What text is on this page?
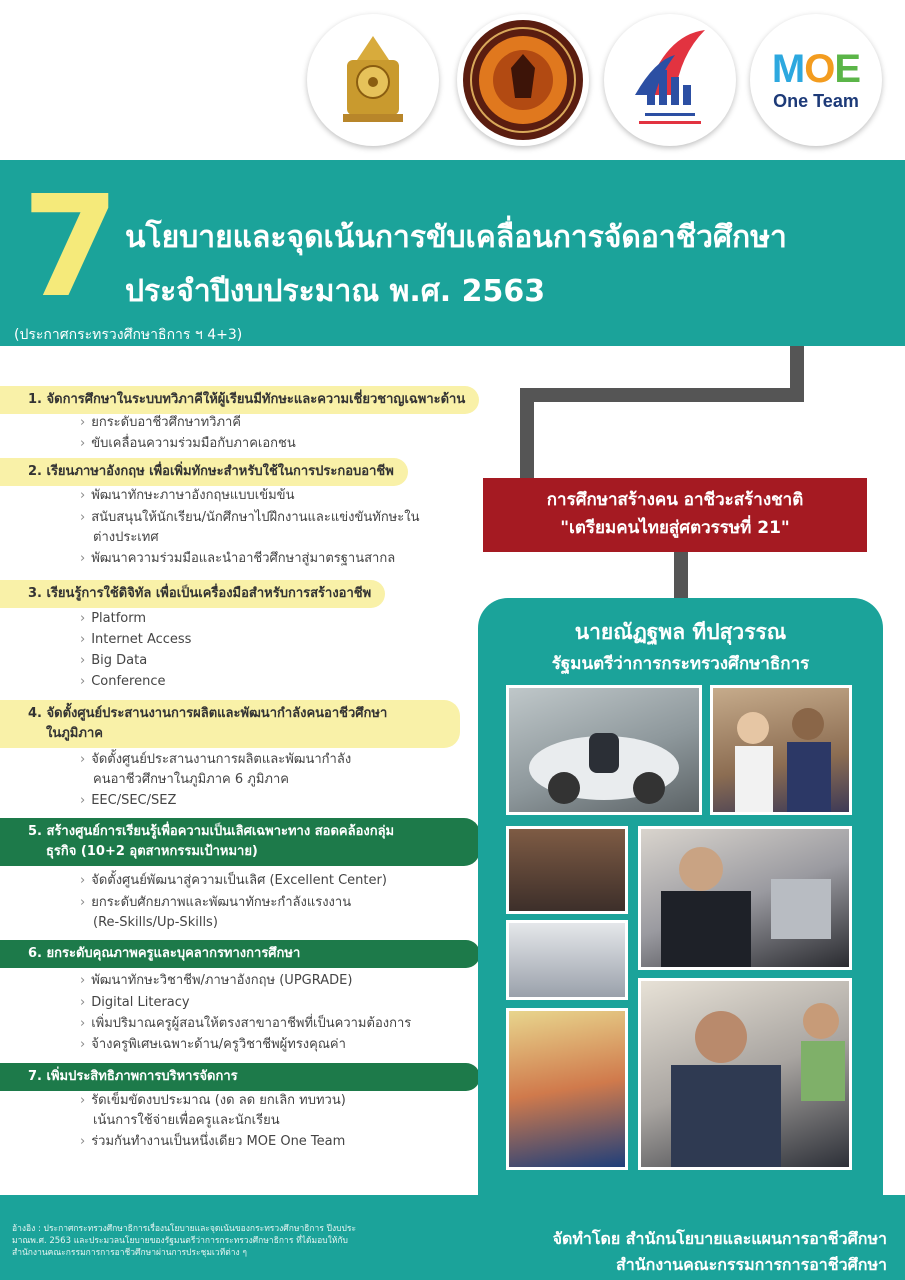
MOE
One Team
7 นโยบายและจุดเน้นการขับเคลื่อนการจัดอาชีวศึกษา
ประจำปีงบประมาณ พ.ศ. 2563
(ประกาศกระทรวงศึกษาธิการ ฯ 4+3)
1. จัดการศึกษาในระบบทวิภาคีให้ผู้เรียนมีทักษะและความเชี่ยวชาญเฉพาะด้าน
› ยกระดับอาชีวศึกษาทวิภาคี
› ขับเคลื่อนความร่วมมือกับภาคเอกชน
2. เรียนภาษาอังกฤษ เพื่อเพิ่มทักษะสำหรับใช้ในการประกอบอาชีพ
› พัฒนาทักษะภาษาอังกฤษแบบเข้มข้น
› สนับสนุนให้นักเรียน/นักศึกษาไปฝึกงานและแข่งขันทักษะใน
ต่างประเทศ
› พัฒนาความร่วมมือและนำอาชีวศึกษาสู่มาตรฐานสากล
3. เรียนรู้การใช้ดิจิทัล เพื่อเป็นเครื่องมือสำหรับการสร้างอาชีพ
› Platform
› Internet Access
› Big Data
› Conference
4. จัดตั้งศูนย์ประสานงานการผลิตและพัฒนากำลังคนอาชีวศึกษา
ในภูมิภาค
› จัดตั้งศูนย์ประสานงานการผลิตและพัฒนากำลัง
คนอาชีวศึกษาในภูมิภาค 6 ภูมิภาค
› EEC/SEC/SEZ
5. สร้างศูนย์การเรียนรู้เพื่อความเป็นเลิศเฉพาะทาง สอดคล้องกลุ่ม
ธุรกิจ (10+2 อุตสาหกรรมเป้าหมาย)
› จัดตั้งศูนย์พัฒนาสู่ความเป็นเลิศ (Excellent Center)
› ยกระดับศักยภาพและพัฒนาทักษะกำลังแรงงาน
(Re-Skills/Up-Skills)
6. ยกระดับคุณภาพครูและบุคลากรทางการศึกษา
› พัฒนาทักษะวิชาชีพ/ภาษาอังกฤษ (UPGRADE)
› Digital Literacy
› เพิ่มปริมาณครูผู้สอนให้ตรงสาขาอาชีพที่เป็นความต้องการ
› จ้างครูพิเศษเฉพาะด้าน/ครูวิชาชีพผู้ทรงคุณค่า
7. เพิ่มประสิทธิภาพการบริหารจัดการ
› รัดเข็มขัดงบประมาณ (งด ลด ยกเลิก ทบทวน)
เน้นการใช้จ่ายเพื่อครูและนักเรียน
› ร่วมกันทำงานเป็นหนึ่งเดียว MOE One Team
การศึกษาสร้างคน อาชีวะสร้างชาติ
"เตรียมคนไทยสู่ศตวรรษที่ 21"
นายณัฏฐพล ทีปสุวรรณ
รัฐมนตรีว่าการกระทรวงศึกษาธิการ
อ้างอิง : ประกาศกระทรวงศึกษาธิการเรื่องนโยบายและจุดเน้นของกระทรวงศึกษาธิการ ปีงบประมาณพ.ศ. 2563 และประมวลนโยบายของรัฐมนตรีว่าการกระทรวงศึกษาธิการ ที่ได้มอบให้กับสำนักงานคณะกรรมการการอาชีวศึกษาผ่านการประชุมเวทีต่าง ๆ
จัดทำโดย สำนักนโยบายและแผนการอาชีวศึกษา
สำนักงานคณะกรรมการการอาชีวศึกษา
